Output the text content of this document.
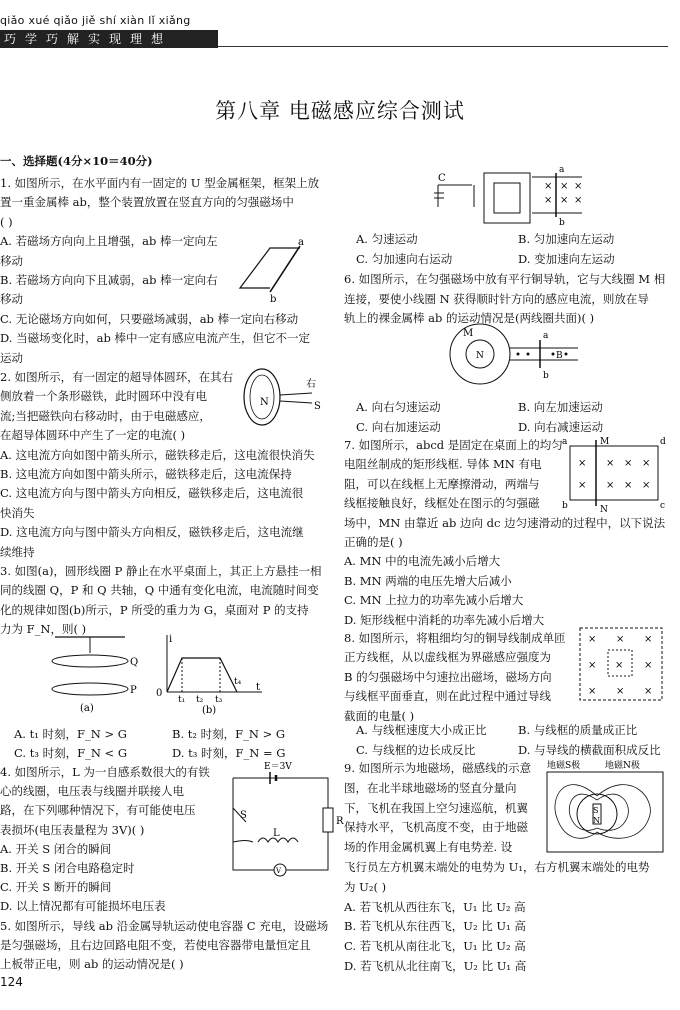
qiǎo xué qiǎo jiě shí xiàn lǐ xiǎng
巧学巧解实现理想
第八章 电磁感应综合测试
一、选择题(4分×10＝40分)
1. 如图所示，在水平面内有一固定的 U 型金属框架，框架上放
置一重金属棒 ab，整个装置放置在竖直方向的匀强磁场中
( )
A. 若磁场方向向上且增强，ab 棒一定向左
移动
B. 若磁场方向向下且减弱，ab 棒一定向右
移动
C. 无论磁场方向如何，只要磁场减弱，ab 棒一定向右移动
D. 当磁场变化时，ab 棒中一定有感应电流产生，但它不一定
运动
2. 如图所示，有一固定的超导体圆环，在其右
侧放着一个条形磁铁，此时圆环中没有电
流;当把磁铁向右移动时，由于电磁感应，
在超导体圆环中产生了一定的电流( )
A. 这电流方向如图中箭头所示，磁铁移走后，这电流很快消失
B. 这电流方向如图中箭头所示，磁铁移走后，这电流保持
C. 这电流方向与图中箭头方向相反，磁铁移走后，这电流很
快消失
D. 这电流方向与图中箭头方向相反，磁铁移走后，这电流继
续维持
3. 如图(a)，圆形线圈 P 静止在水平桌面上，其正上方悬挂一相
同的线圈 Q，P 和 Q 共轴，Q 中通有变化电流，电流随时间变
化的规律如图(b)所示，P 所受的重力为 G，桌面对 P 的支持
力为 F_N，则( )
A. t₁ 时刻，F_N > G	B. t₂ 时刻，F_N > G
C. t₃ 时刻，F_N < G	D. t₃ 时刻，F_N = G
4. 如图所示，L 为一自感系数很大的有铁
心的线圈，电压表与线圈并联接人电
路，在下列哪种情况下，有可能使电压
表损坏(电压表量程为 3V)( )
A. 开关 S 闭合的瞬间
B. 开关 S 闭合电路稳定时
C. 开关 S 断开的瞬间
D. 以上情况都有可能损坏电压表
5. 如图所示，导线 ab 沿金属导轨运动使电容器 C 充电，设磁场
是匀强磁场，且右边回路电阻不变，若使电容器带电量恒定且
上板带正电，则 ab 的运动情况是( )
A. 匀速运动	B. 匀加速向左运动
C. 匀加速向右运动	D. 变加速向左运动
6. 如图所示，在匀强磁场中放有平行铜导轨，它与大线圈 M 相
连接，要使小线圈 N 获得顺时针方向的感应电流，则放在导
轨上的裸金属棒 ab 的运动情况是(两线圈共面)( )
A. 向右匀速运动	B. 向左加速运动
C. 向右加速运动	D. 向右减速运动
7. 如图所示，abcd 是固定在桌面上的均匀
电阻丝制成的矩形线框. 导体 MN 有电
阻，可以在线框上无摩擦滑动，两端与
线框接触良好，线框处在图示的匀强磁
场中，MN 由靠近 ab 边向 dc 边匀速滑动的过程中，以下说法
正确的是( )
A. MN 中的电流先减小后增大
B. MN 两端的电压先增大后减小
C. MN 上拉力的功率先减小后增大
D. 矩形线框中消耗的功率先减小后增大
8. 如图所示，将粗细均匀的铜导线制成单匝
正方线框，从以虚线框为界磁感应强度为
B 的匀强磁场中匀速拉出磁场，磁场方向
与线框平面垂直，则在此过程中通过导线
截面的电量( )
A. 与线框速度大小成正比	B. 与线框的质量成正比
C. 与线框的边长成反比	D. 与导线的横截面积成反比
9. 如图所示为地磁场，磁感线的示意
图，在北半球地磁场的竖直分量向
下，飞机在我国上空匀速巡航，机翼
保持水平，飞机高度不变，由于地磁
场的作用金属机翼上有电势差. 设
飞行员左方机翼末端处的电势为 U₁，右方机翼末端处的电势
为 U₂( )
A. 若飞机从西往东飞，U₁ 比 U₂ 高
B. 若飞机从东往西飞，U₂ 比 U₁ 高
C. 若飞机从南往北飞，U₁ 比 U₂ 高
D. 若飞机从北往南飞，U₂ 比 U₁ 高
a
b
N	S
右
Q
P
(a)
i
0
t₁ t₂ t₃
t₄ t
(b)
E＝3V
R
S
L
V
C
a
b
× × ×
× × ×
M
N
a
b
B
× × × ×
× × × ×
a	M	d
b	N	c
× × ×
× × ×
× × ×
地磁S极	地磁N极
S
N
124
